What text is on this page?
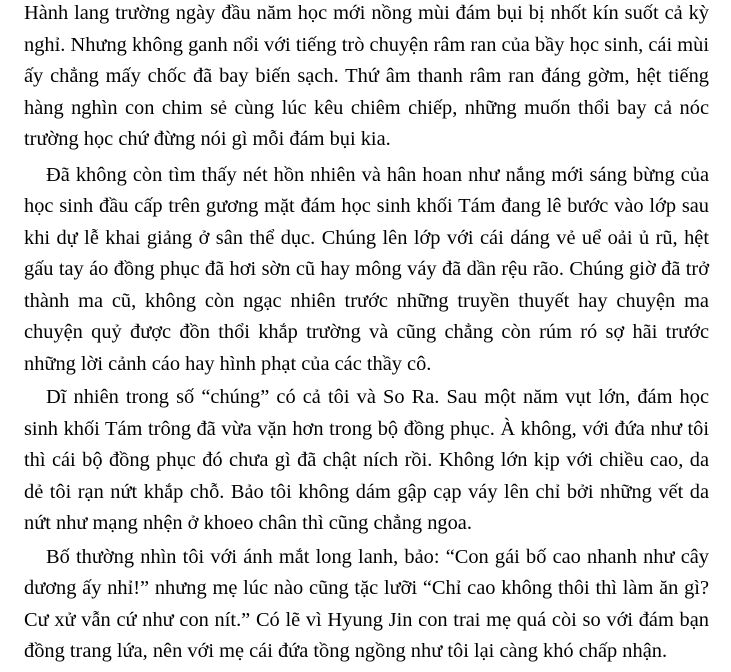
Hành lang trường ngày đầu năm học mới nồng mùi đám bụi bị nhốt kín suốt cả kỳ nghỉ. Nhưng không ganh nổi với tiếng trò chuyện râm ran của bầy học sinh, cái mùi ấy chẳng mấy chốc đã bay biến sạch. Thứ âm thanh râm ran đáng gờm, hệt tiếng hàng nghìn con chim sẻ cùng lúc kêu chiêm chiếp, những muốn thổi bay cả nóc trường học chứ đừng nói gì mỗi đám bụi kia.

Đã không còn tìm thấy nét hồn nhiên và hân hoan như nắng mới sáng bừng của học sinh đầu cấp trên gương mặt đám học sinh khối Tám đang lê bước vào lớp sau khi dự lễ khai giảng ở sân thể dục. Chúng lên lớp với cái dáng vẻ uể oải ủ rũ, hệt gấu tay áo đồng phục đã hơi sờn cũ hay mông váy đã dần rệu rão. Chúng giờ đã trở thành ma cũ, không còn ngạc nhiên trước những truyền thuyết hay chuyện ma chuyện quỷ được đồn thổi khắp trường và cũng chẳng còn rúm ró sợ hãi trước những lời cảnh cáo hay hình phạt của các thầy cô.

Dĩ nhiên trong số “chúng” có cả tôi và So Ra. Sau một năm vụt lớn, đám học sinh khối Tám trông đã vừa vặn hơn trong bộ đồng phục. À không, với đứa như tôi thì cái bộ đồng phục đó chưa gì đã chật ních rồi. Không lớn kịp với chiều cao, da dẻ tôi rạn nứt khắp chỗ. Bảo tôi không dám gập cạp váy lên chỉ bởi những vết da nứt như mạng nhện ở khoeo chân thì cũng chẳng ngoa.

Bố thường nhìn tôi với ánh mắt long lanh, bảo: “Con gái bố cao nhanh như cây dương ấy nhỉ!” nhưng mẹ lúc nào cũng tặc lưỡi “Chỉ cao không thôi thì làm ăn gì? Cư xử vẫn cứ như con nít.” Có lẽ vì Hyung Jin con trai mẹ quá còi so với đám bạn đồng trang lứa, nên với mẹ cái đứa tồng ngồng như tôi lại càng khó chấp nhận.
